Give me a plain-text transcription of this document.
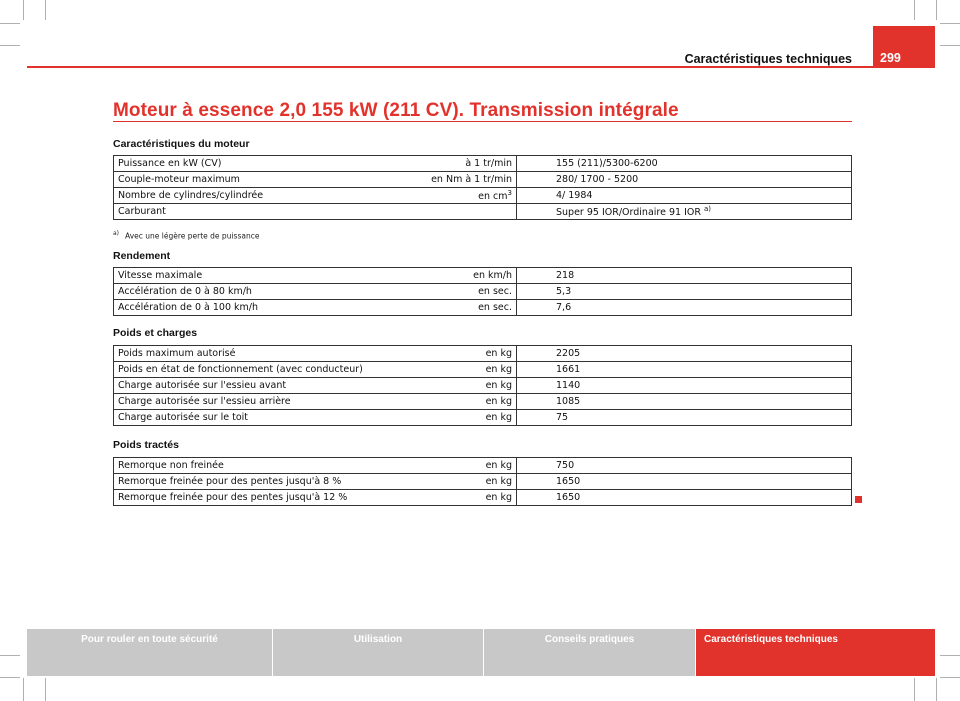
299
Caractéristiques techniques
Moteur à essence 2,0 155 kW (211 CV). Transmission intégrale
Caractéristiques du moteur
Puissance en kW (CV)	à 1 tr/min	155 (211)/5300-6200
Couple-moteur maximum	en Nm à 1 tr/min	280/ 1700 - 5200
Nombre de cylindres/cylindrée	en $cm^3$	4/ 1984
Carburant		Super 95 IOR/Ordinaire 91 IOR $^{a)}$
$^{a)}$ Avec une légère perte de puissance
Rendement
Vitesse maximale	en km/h	218
Accélération de 0 à 80 km/h	en sec.	5,3
Accélération de 0 à 100 km/h	en sec.	7,6
Poids et charges
Poids maximum autorisé	en kg	2205
Poids en état de fonctionnement (avec conducteur)	en kg	1661
Charge autorisée sur l'essieu avant	en kg	1140
Charge autorisée sur l'essieu arrière	en kg	1085
Charge autorisée sur le toit	en kg	75
Poids tractés
Remorque non freinée	en kg	750
Remorque freinée pour des pentes jusqu'à 8 %	en kg	1650
Remorque freinée pour des pentes jusqu'à 12 %	en kg	1650
Pour rouler en toute sécurité	Utilisation	Conseils pratiques	Caractéristiques techniques
